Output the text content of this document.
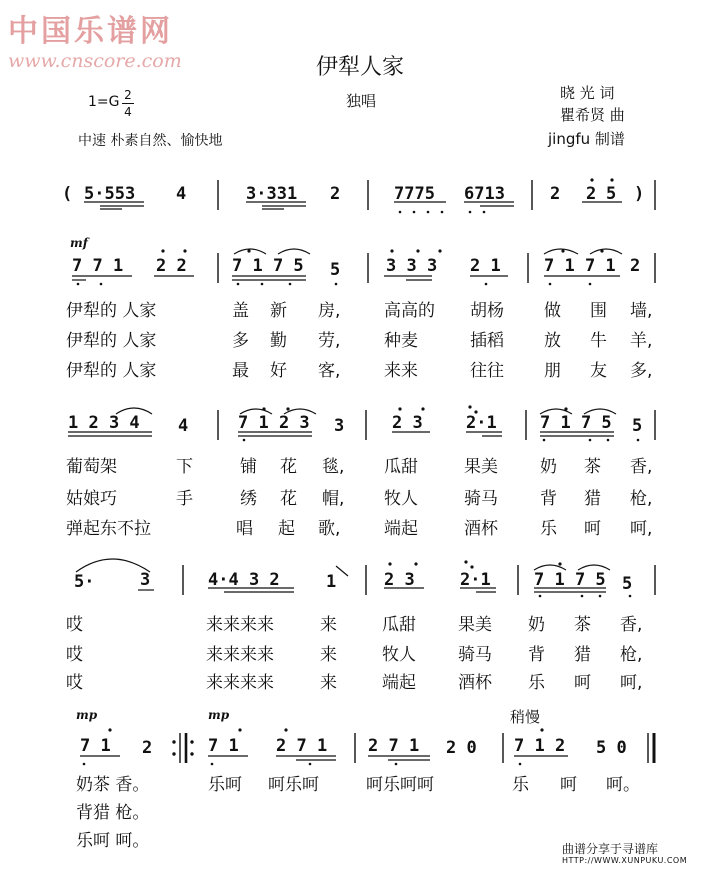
中国乐谱网
www.cnscore.com	伊犁人家
独唱
1=G 2
4
中速 朴素自然、愉快地
晓 光 词
瞿希贤 曲
jingfu 制谱
( 5·553 4	3·331 2	7775 6713	2 2 5 )
mf
7 7 1 2 2	7 1 7 5 5	3 3 3 2 1	7 1 7 1 2
伊犁的 人家	盖 新 房,	高高的 胡杨 做 围 墙,
伊犁的 人家	多 勤 劳,	种麦	插稻 放 牛 羊,
伊犁的 人家	最 好 客,	来来	往往 朋 友 多,
1 2 3 4 4	7 1 2 3 3	2 3	2·1	7 1 7 5 5
葡萄架	下	铺 花 毯, 瓜甜	果美 奶 茶 香,
姑娘巧	手	绣 花 帽, 牧人	骑马 背 猎 枪,
弹起东不拉	唱 起 歌,	端起	酒杯 乐 呵 呵,
5·	3	4·4 3 2	1	2 3	2·1	7 1 7 5 5
哎	来来来来	来	瓜甜 果美 奶 茶 香,
哎	来来来来	来	牧人 骑马 背 猎 枪,
哎	来来来来	来	端起 酒杯 乐 呵 呵,
mp	mp	稍慢
7 1 2	7 1 2 7 1 2 7 1 2 0 7 1 2 5 0
奶茶 香。	乐呵 呵乐呵	呵乐呵呵	乐 呵 呵。
背猎 枪。
乐呵 呵。	曲谱分享于寻谱库
HTTP://WWW.XUNPUKU.COM
